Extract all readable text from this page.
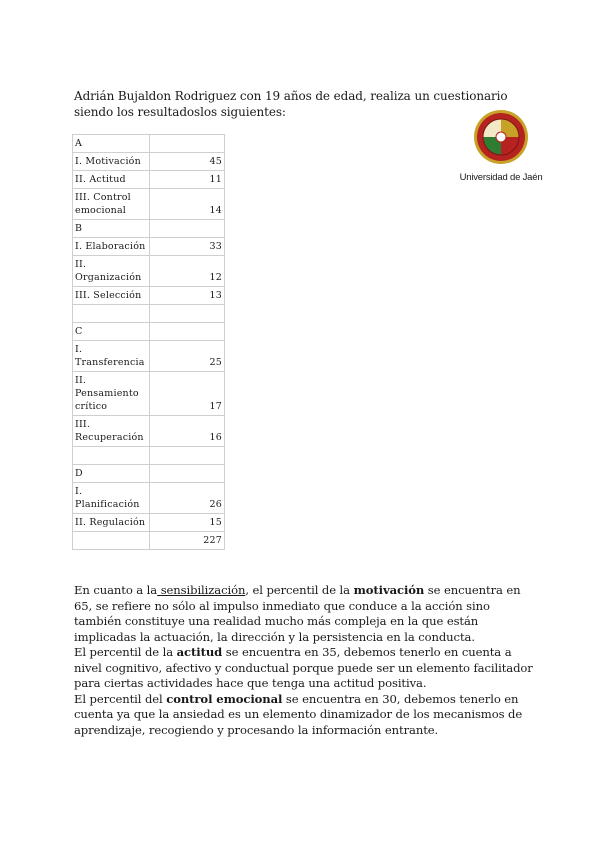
Adrián Bujaldon Rodriguez con 19 años de edad, realiza un cuestionario siendo los resultadoslos siguientes:
Universidad de Jaén
A	
I. Motivación	45
II. Actitud	11
III. Control emocional	14
B	
I. Elaboración	33
II. Organización	12
III. Selección	13

C	
I. Transferencia	25
II. Pensamiento crítico	17
III. Recuperación	16

D	
I. Planificación	26
II. Regulación	15
	227

En cuanto a la sensibilización, el percentil de la motivación se encuentra en 65, se refiere no sólo al impulso inmediato que conduce a la acción sino también constituye una realidad mucho más compleja en la que están implicadas la actuación, la dirección y la persistencia en la conducta.

El percentil de la actitud se encuentra en 35, debemos tenerlo en cuenta a nivel cognitivo, afectivo y conductual porque puede ser un elemento facilitador para ciertas actividades hace que tenga una actitud positiva.

El percentil del control emocional se encuentra en 30, debemos tenerlo en cuenta ya que la ansiedad es un elemento dinamizador de los mecanismos de aprendizaje, recogiendo y procesando la información entrante.
